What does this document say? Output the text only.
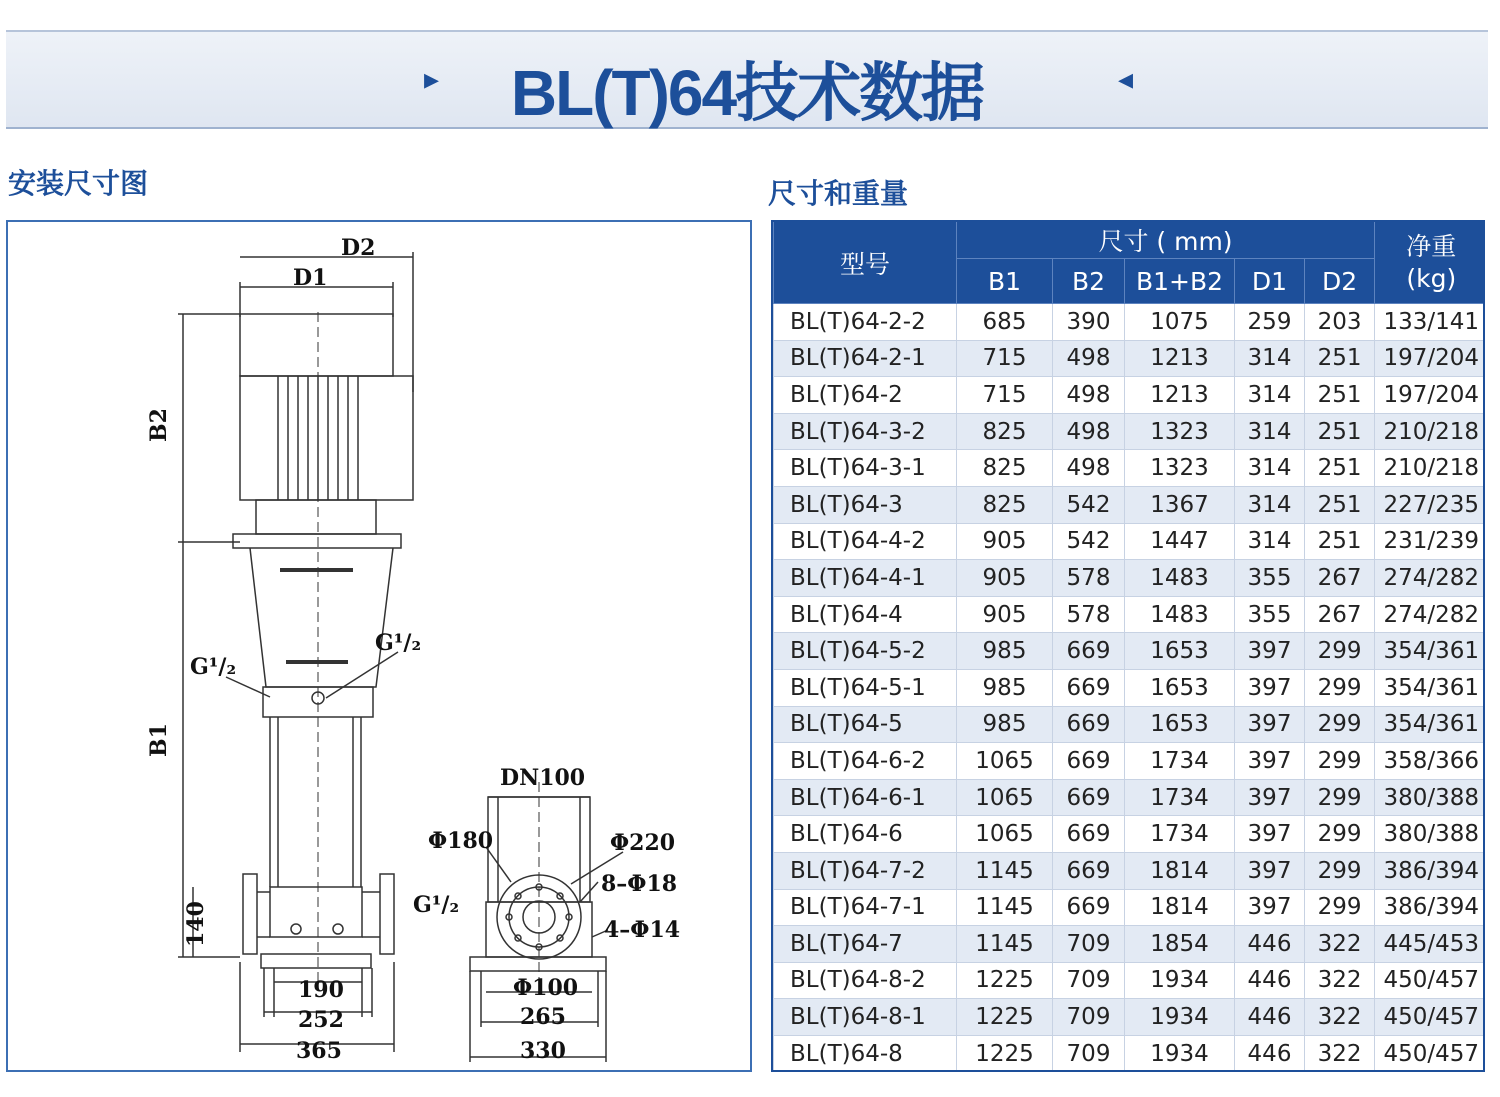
▸	BL(T)64技术数据	◂
安装尺寸图	尺寸和重量
D2
D1
B2
B1
G¹/₂
G¹/₂
140
190
252
365
DN100
Φ180	Φ220
8–Φ18
4–Φ14
G¹/₂
Φ100
265
330
型号	尺寸 ( mm)					净重
(kg)
	B1	B2	B1+B2	D1	D2	
BL(T)64-2-2	685	390	1075	259	203	133/141
BL(T)64-2-1	715	498	1213	314	251	197/204
BL(T)64-2	715	498	1213	314	251	197/204
BL(T)64-3-2	825	498	1323	314	251	210/218
BL(T)64-3-1	825	498	1323	314	251	210/218
BL(T)64-3	825	542	1367	314	251	227/235
BL(T)64-4-2	905	542	1447	314	251	231/239
BL(T)64-4-1	905	578	1483	355	267	274/282
BL(T)64-4	905	578	1483	355	267	274/282
BL(T)64-5-2	985	669	1653	397	299	354/361
BL(T)64-5-1	985	669	1653	397	299	354/361
BL(T)64-5	985	669	1653	397	299	354/361
BL(T)64-6-2	1065	669	1734	397	299	358/366
BL(T)64-6-1	1065	669	1734	397	299	380/388
BL(T)64-6	1065	669	1734	397	299	380/388
BL(T)64-7-2	1145	669	1814	397	299	386/394
BL(T)64-7-1	1145	669	1814	397	299	386/394
BL(T)64-7	1145	709	1854	446	322	445/453
BL(T)64-8-2	1225	709	1934	446	322	450/457
BL(T)64-8-1	1225	709	1934	446	322	450/457
BL(T)64-8	1225	709	1934	446	322	450/457
